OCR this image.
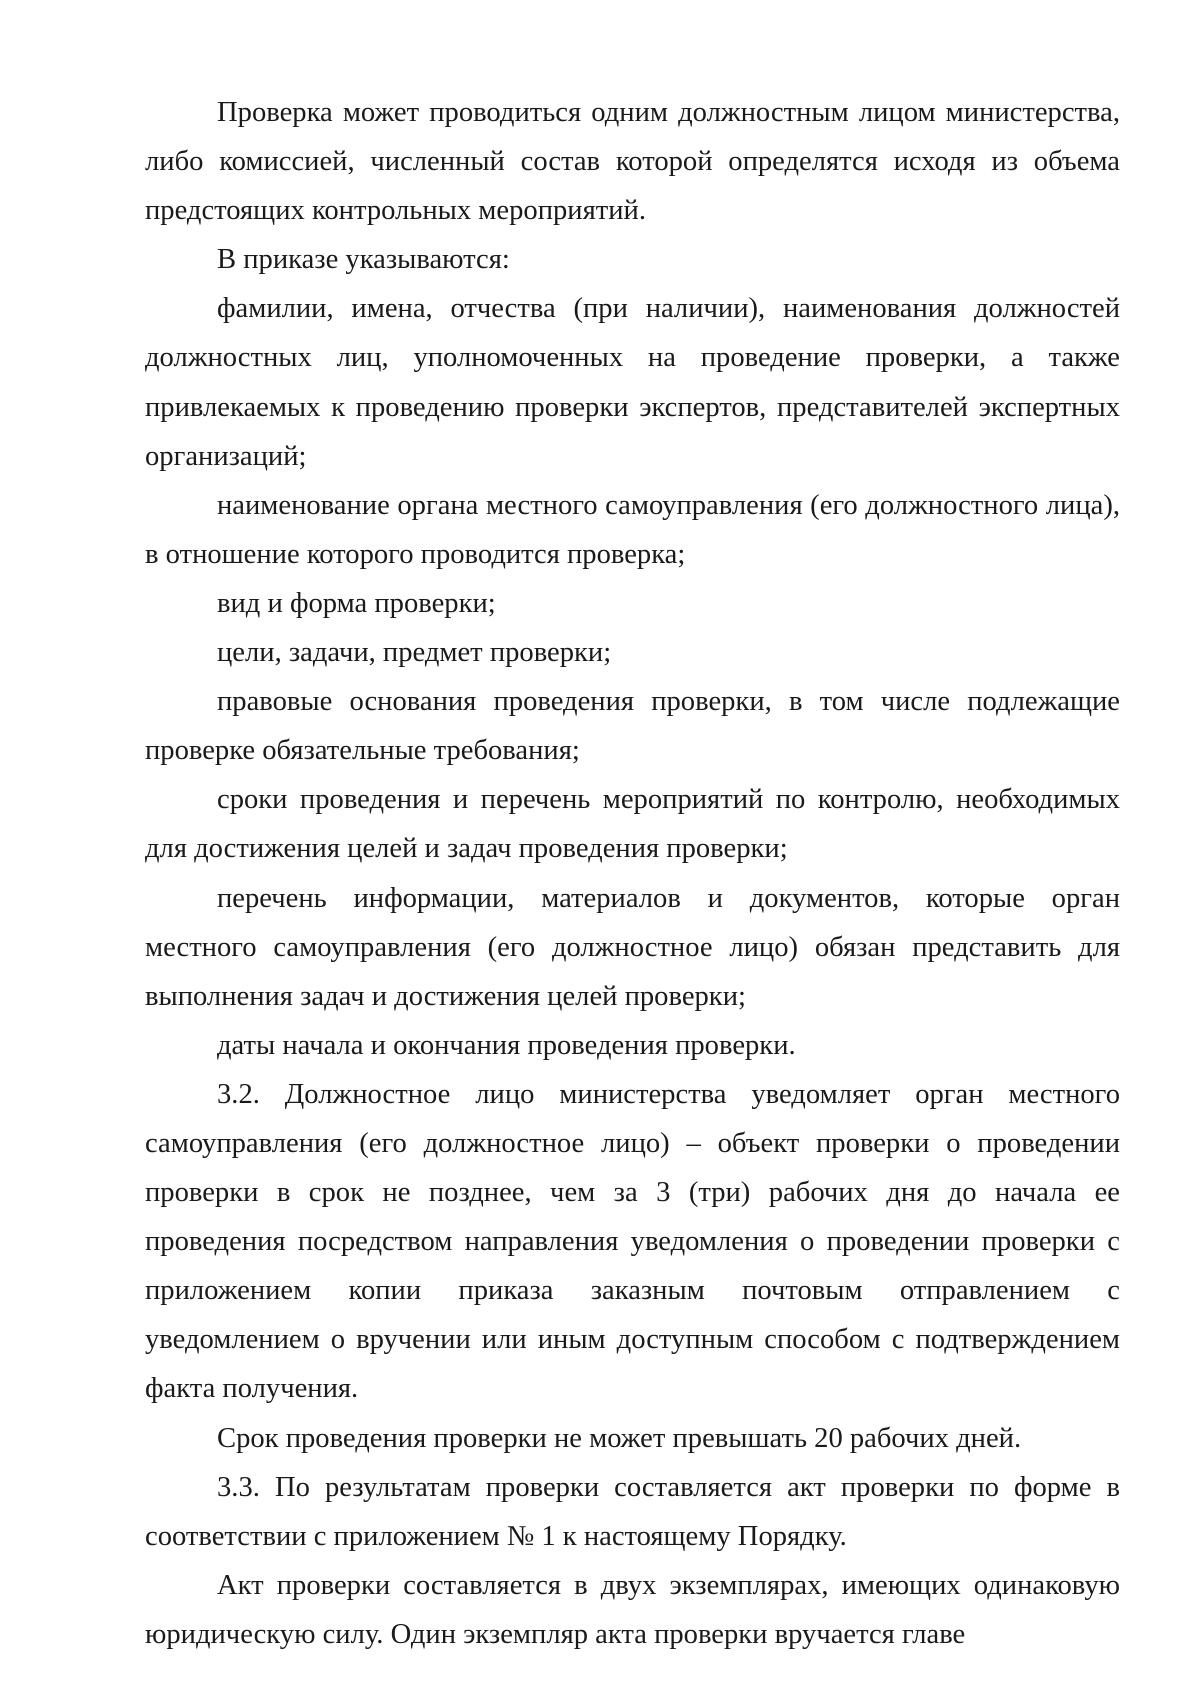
Проверка может проводиться одним должностным лицом министерства, либо комиссией, численный состав которой определятся исходя из объема предстоящих контрольных мероприятий.

В приказе указываются:

фамилии, имена, отчества (при наличии), наименования должностей должностных лиц, уполномоченных на проведение проверки, а также привлекаемых к проведению проверки экспертов, представителей экспертных организаций;

наименование органа местного самоуправления (его должностного лица), в отношение которого проводится проверка;

вид и форма проверки;

цели, задачи, предмет проверки;

правовые основания проведения проверки, в том числе подлежащие проверке обязательные требования;

сроки проведения и перечень мероприятий по контролю, необходимых для достижения целей и задач проведения проверки;

перечень информации, материалов и документов, которые орган местного самоуправления (его должностное лицо) обязан представить для выполнения задач и достижения целей проверки;

даты начала и окончания проведения проверки.

3.2. Должностное лицо министерства уведомляет орган местного самоуправления (его должностное лицо) – объект проверки о проведении проверки в срок не позднее, чем за 3 (три) рабочих дня до начала ее проведения посредством направления уведомления о проведении проверки с приложением копии приказа заказным почтовым отправлением с уведомлением о вручении или иным доступным способом с подтверждением факта получения.

Срок проведения проверки не может превышать 20 рабочих дней.

3.3. По результатам проверки составляется акт проверки по форме в соответствии с приложением № 1 к настоящему Порядку.

Акт проверки составляется в двух экземплярах, имеющих одинаковую юридическую силу. Один экземпляр акта проверки вручается главе
